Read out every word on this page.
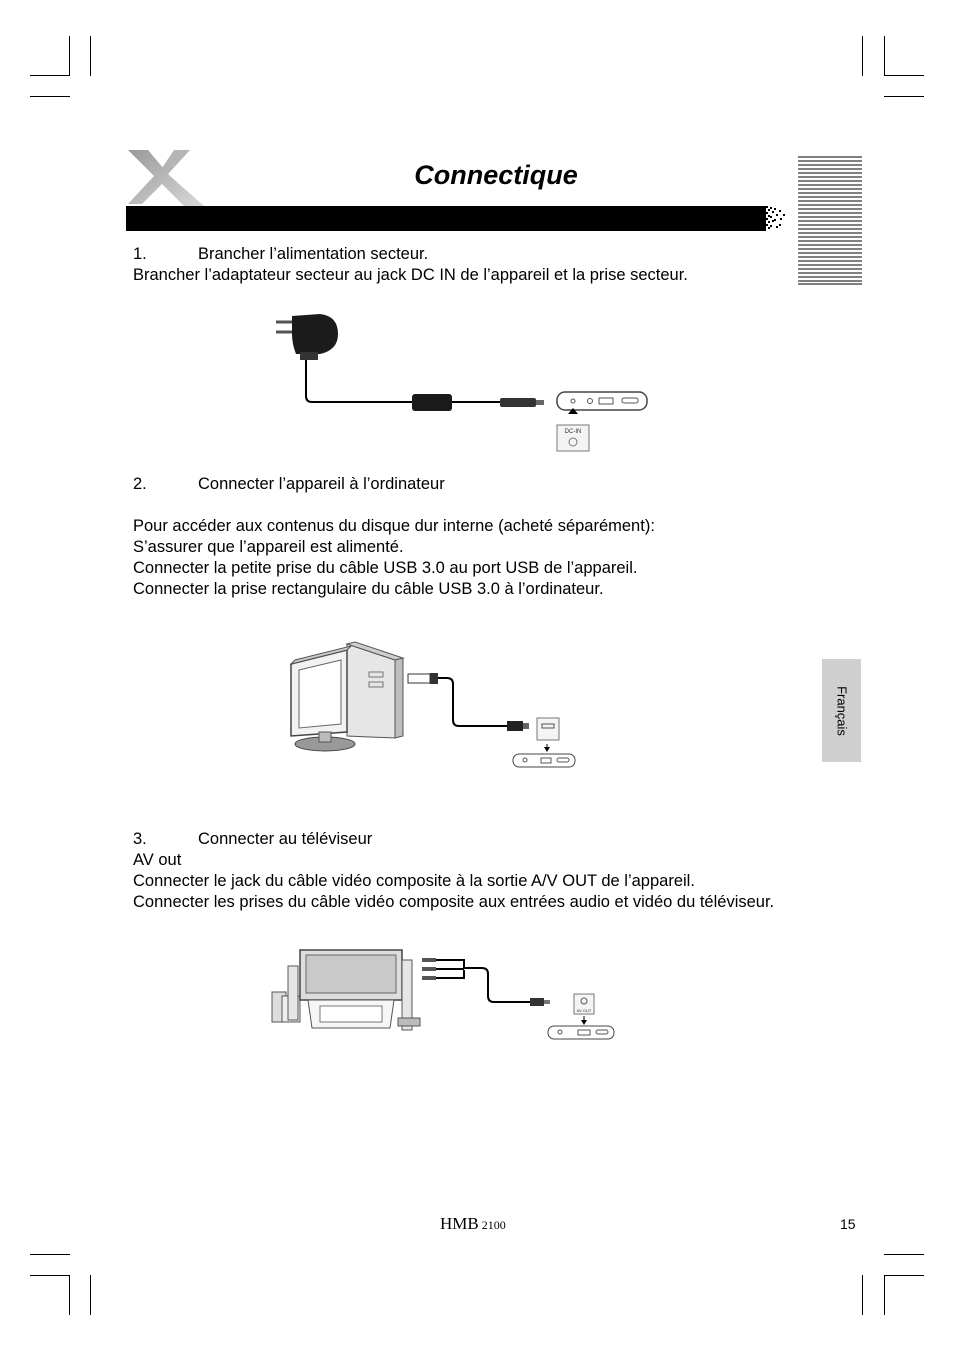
Connectique
1.	Brancher l’alimentation secteur.
Brancher l’adaptateur secteur au jack DC IN de l’appareil et la prise secteur.
DC-IN
2.	Connecter l’appareil à l’ordinateur
Pour accéder aux contenus du disque dur interne (acheté séparément):
S’assurer que l’appareil est alimenté.
Connecter la petite prise du câble USB 3.0 au port USB de l’appareil.
Connecter la prise rectangulaire du câble USB 3.0 à l’ordinateur.
Français
3.	Connecter au téléviseur
AV out
Connecter le jack du câble vidéo composite à la sortie A/V OUT de l’appareil.
Connecter les prises du câble vidéo composite aux entrées audio et vidéo du téléviseur.
AV OUT
HMB 2100	15
